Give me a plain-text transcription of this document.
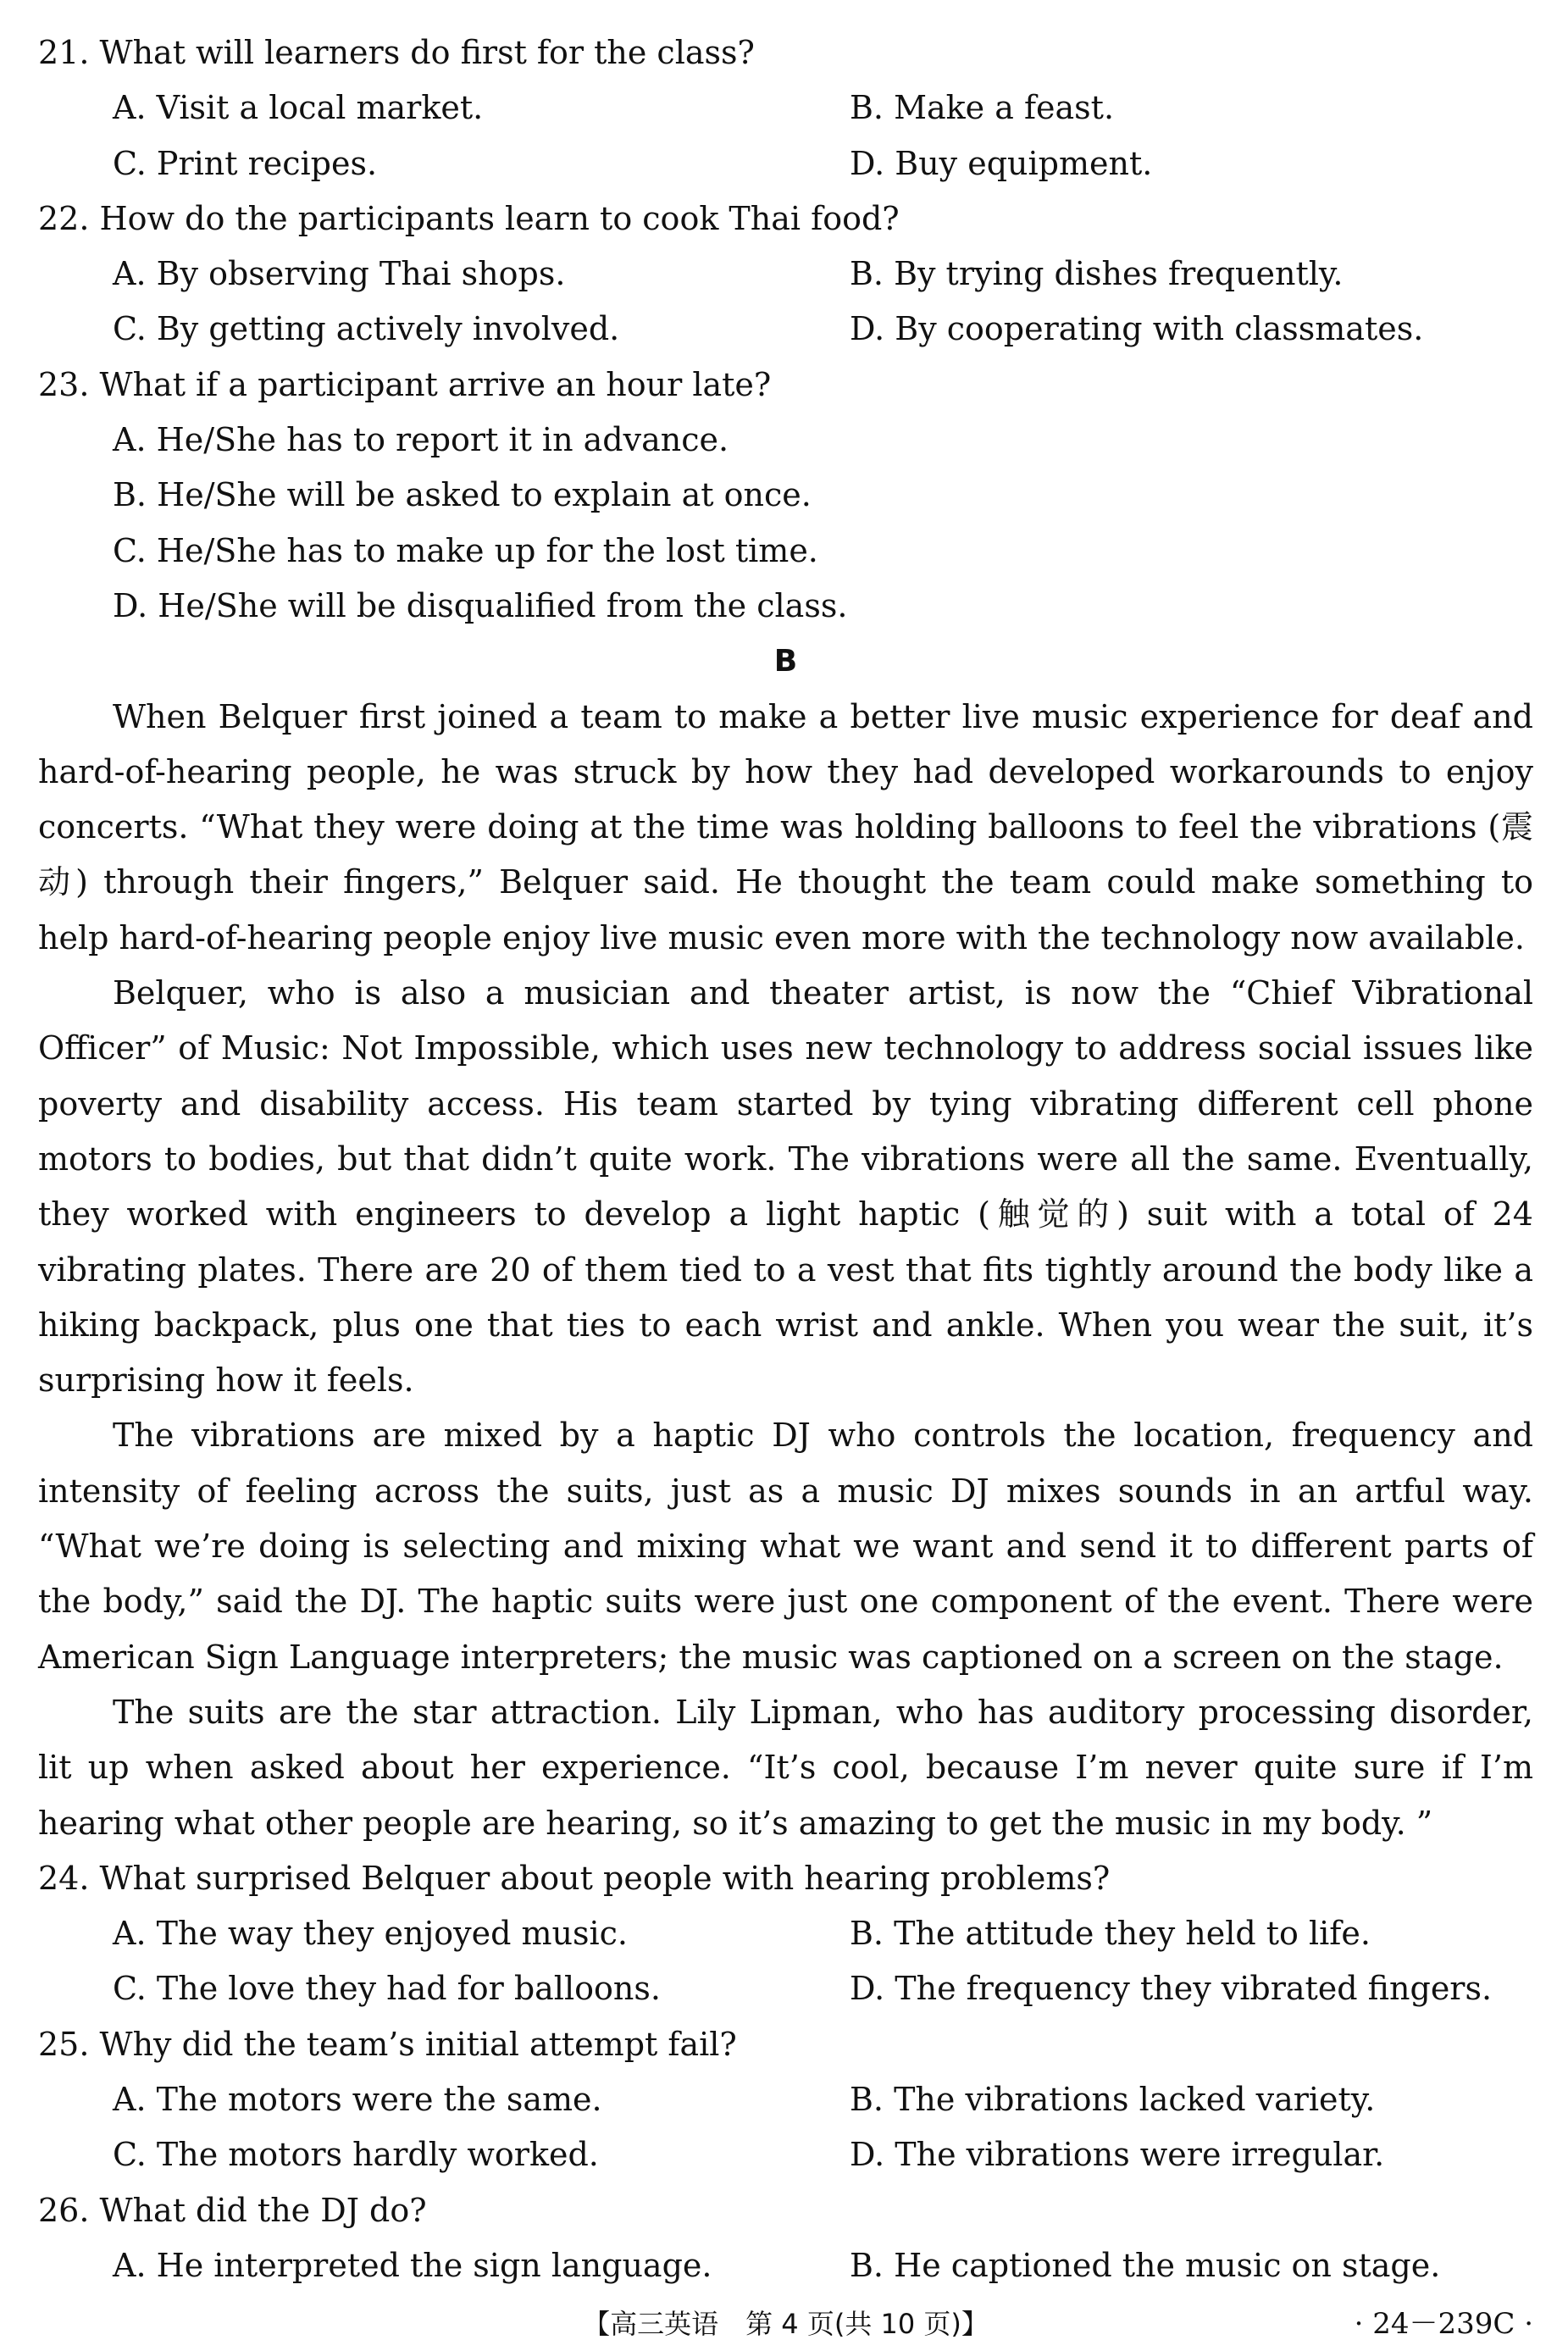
21. What will learners do first for the class?
A. Visit a local market.	B. Make a feast.
C. Print recipes.	D. Buy equipment.
22. How do the participants learn to cook Thai food?
A. By observing Thai shops.	B. By trying dishes frequently.
C. By getting actively involved.	D. By cooperating with classmates.
23. What if a participant arrive an hour late?
A. He/She has to report it in advance.
B. He/She will be asked to explain at once.
C. He/She has to make up for the lost time.
D. He/She will be disqualified from the class.
B

When Belquer first joined a team to make a better live music experience for deaf and hard-of-hearing people, he was struck by how they had developed workarounds to enjoy concerts. “What they were doing at the time was holding balloons to feel the vibrations (震动) through their fingers,” Belquer said. He thought the team could make something to help hard-of-hearing people enjoy live music even more with the technology now available.

Belquer, who is also a musician and theater artist, is now the “Chief Vibrational Officer” of Music: Not Impossible, which uses new technology to address social issues like poverty and disability access. His team started by tying vibrating different cell phone motors to bodies, but that didn’t quite work. The vibrations were all the same. Eventually, they worked with engineers to develop a light haptic (触觉的) suit with a total of 24 vibrating plates. There are 20 of them tied to a vest that fits tightly around the body like a hiking backpack, plus one that ties to each wrist and ankle. When you wear the suit, it’s surprising how it feels.

The vibrations are mixed by a haptic DJ who controls the location, frequency and intensity of feeling across the suits, just as a music DJ mixes sounds in an artful way. “What we’re doing is selecting and mixing what we want and send it to different parts of the body,” said the DJ. The haptic suits were just one component of the event. There were American Sign Language interpreters; the music was captioned on a screen on the stage.

The suits are the star attraction. Lily Lipman, who has auditory processing disorder, lit up when asked about her experience. “It’s cool, because I’m never quite sure if I’m hearing what other people are hearing, so it’s amazing to get the music in my body. ”

24. What surprised Belquer about people with hearing problems?
A. The way they enjoyed music.	B. The attitude they held to life.
C. The love they had for balloons.	D. The frequency they vibrated fingers.
25. Why did the team’s initial attempt fail?
A. The motors were the same.	B. The vibrations lacked variety.
C. The motors hardly worked.	D. The vibrations were irregular.
26. What did the DJ do?
A. He interpreted the sign language.	B. He captioned the music on stage.
【高三英语　第 4 页(共 10 页)】	· 24－239C ·
